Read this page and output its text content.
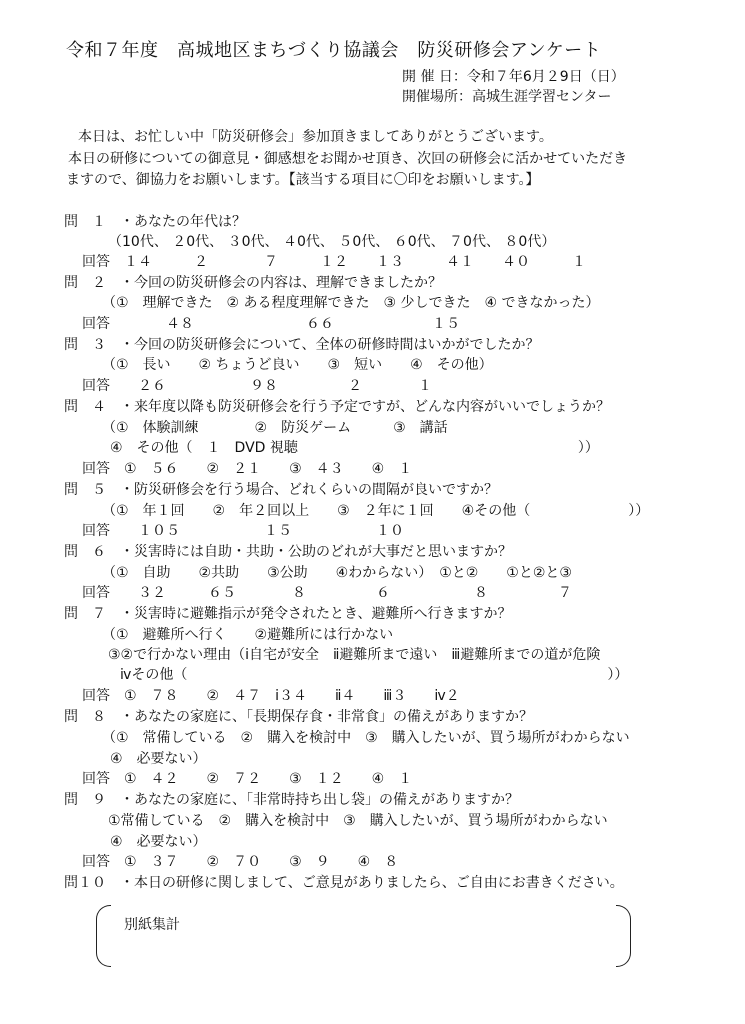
令和７年度　高城地区まちづくり協議会　防災研修会アンケート
開 催 日：令和７年6月２9日（日）
開催場所：高城生涯学習センター
本日は、お忙しい中「防災研修会」参加頂きましてありがとうございます。
本日の研修についての御意見・御感想をお聞かせ頂き、次回の研修会に活かせていただき
ますので、御協力をお願いします。【該当する項目に〇印をお願いします。】
問　１　・あなたの年代は？
（10代、 ２0代、 ３0代、 ４0代、 ５0代、 ６0代、 ７0代、 ８0代）
回答　１４　　　２　　　　７　　　１２　　１３　　　４１　　４０　　　１
問　２　・今回の防災研修会の内容は、理解できましたか？
（①　理解できた　② ある程度理解できた　③ 少しできた　④ できなかった）
回答　　　　４８　　　　　　　　６６　　　　　　　１５
問　３　・今回の防災研修会について、全体の研修時間はいかがでしたか？
（①　長い　　② ちょうど良い　　③　短い　　④　その他）
回答　　２６　　　　　　９８　　　　　２　　　　１
問　４　・来年度以降も防災研修会を行う予定ですが、どんな内容がいいでしょうか？
（①　体験訓練　　　　②　防災ゲーム　　　③　講話
④　その他（　１　DVD 視聴　　　　　　　　　　　　　　　　　　　　））
回答　①　５６　　②　２１　　③　４３　　④　１
問　５　・防災研修会を行う場合、どれくらいの間隔が良いですか？
（①　年１回　　②　年２回以上　　③　２年に１回　　④その他（　　　　　　　））
回答　　１０５　　　　　　１５　　　　　　１０
問　６　・災害時には自助・共助・公助のどれが大事だと思いますか？
（①　自助　　②共助　　③公助　　④わからない）　①と②　　①と②と③
回答　　３２　　　６５　　　　８　　　　　６　　　　　　８　　　　　７
問　７　・災害時に避難指示が発令されたとき、避難所へ行きますか？
（①　避難所へ行く　　②避難所には行かない
③②で行かない理由（ⅰ自宅が安全　ⅱ避難所まで遠い　ⅲ避難所までの道が危険
ⅳその他（　　　　　　　　　　　　　　　　　　　　　　　　　　　　　　））
回答　①　７８　　②　４７　ⅰ３４　　ⅱ４　　ⅲ３　　ⅳ２
問　８　・あなたの家庭に、「長期保存食・非常食」の備えがありますか？
（①　常備している　②　購入を検討中　③　購入したいが、買う場所がわからない
④　必要ない）
回答　①　４２　　②　７２　　③　１２　　④　１
問　９　・あなたの家庭に、「非常時持ち出し袋」の備えがありますか？
①常備している　②　購入を検討中　③　購入したいが、買う場所がわからない
④　必要ない）
回答　①　３７　　②　７０　　③　９　　④　８
問１０　・本日の研修に関しまして、ご意見がありましたら、ご自由にお書きください。
別紙集計
